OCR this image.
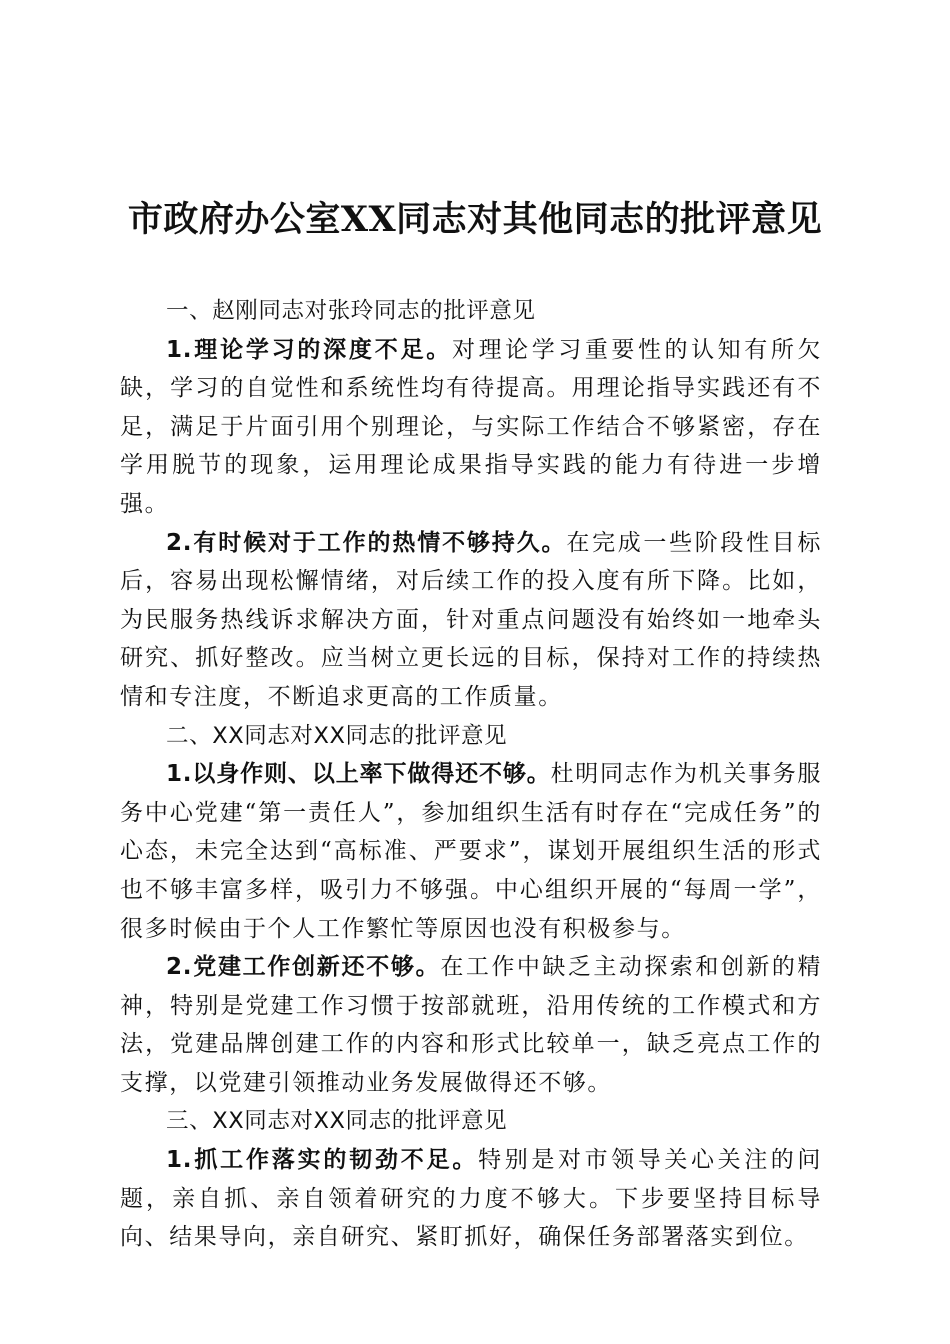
市政府办公室XX同志对其他同志的批评意见

一、赵刚同志对张玲同志的批评意见

1.理论学习的深度不足。对理论学习重要性的认知有所欠缺，学习的自觉性和系统性均有待提高。用理论指导实践还有不足，满足于片面引用个别理论，与实际工作结合不够紧密，存在学用脱节的现象，运用理论成果指导实践的能力有待进一步增强。

2.有时候对于工作的热情不够持久。在完成一些阶段性目标后，容易出现松懈情绪，对后续工作的投入度有所下降。比如，为民服务热线诉求解决方面，针对重点问题没有始终如一地牵头研究、抓好整改。应当树立更长远的目标，保持对工作的持续热情和专注度，不断追求更高的工作质量。

二、XX同志对XX同志的批评意见

1.以身作则、以上率下做得还不够。杜明同志作为机关事务服务中心党建“第一责任人”，参加组织生活有时存在“完成任务”的心态，未完全达到“高标准、严要求”，谋划开展组织生活的形式也不够丰富多样，吸引力不够强。中心组织开展的“每周一学”，很多时候由于个人工作繁忙等原因也没有积极参与。

2.党建工作创新还不够。在工作中缺乏主动探索和创新的精神，特别是党建工作习惯于按部就班，沿用传统的工作模式和方法，党建品牌创建工作的内容和形式比较单一，缺乏亮点工作的支撑，以党建引领推动业务发展做得还不够。

三、XX同志对XX同志的批评意见

1.抓工作落实的韧劲不足。特别是对市领导关心关注的问题，亲自抓、亲自领着研究的力度不够大。下步要坚持目标导向、结果导向，亲自研究、紧盯抓好，确保任务部署落实到位。
